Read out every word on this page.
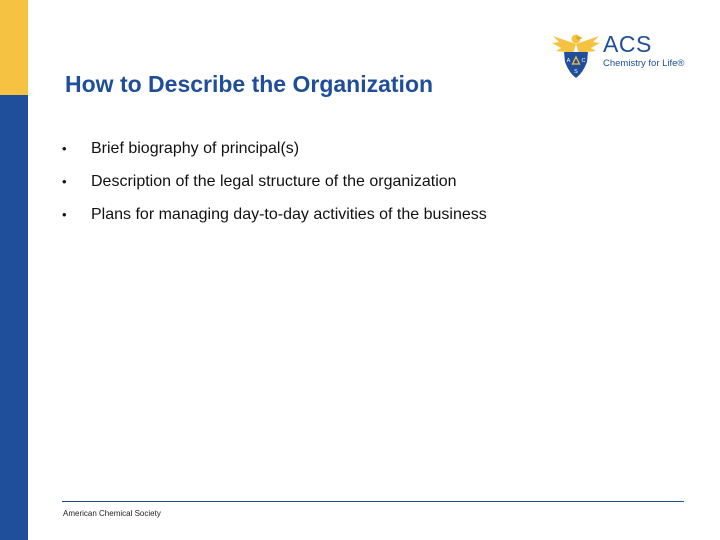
A C
S
ACS
Chemistry for Life®
How to Describe the Organization
•	Brief biography of principal(s)
•	Description of the legal structure of the organization
•	Plans for managing day-to-day activities of the business
American Chemical Society
